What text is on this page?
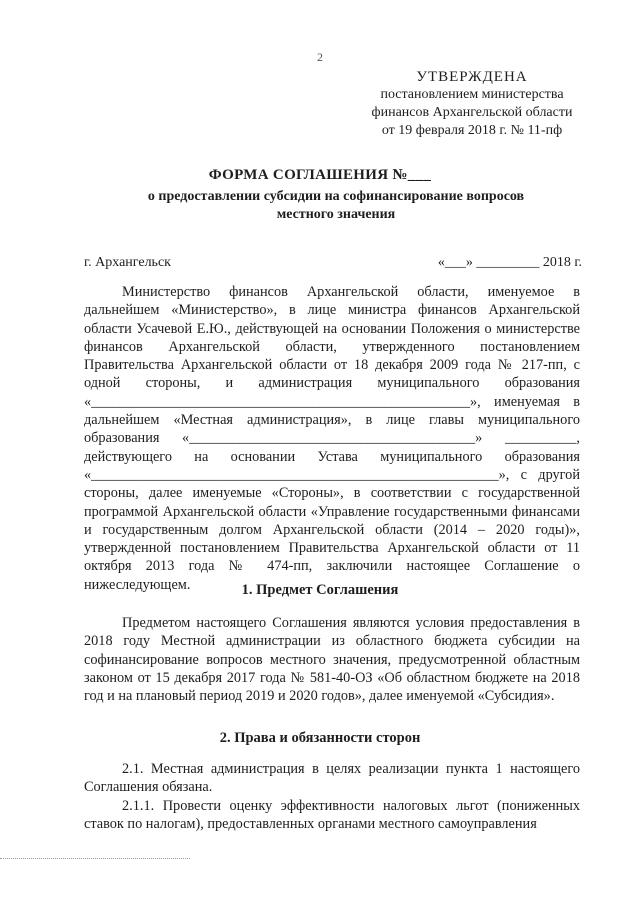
2
УТВЕРЖДЕНА
постановлением министерства
финансов Архангельской области
от 19 февраля 2018 г. № 11-пф
ФОРМА СОГЛАШЕНИЯ №___
о предоставлении субсидии на софинансирование вопросов местного значения
г. Архангельск	«___» _________ 2018 г.

Министерство финансов Архангельской области, именуемое в дальнейшем «Министерство», в лице министра финансов Архангельской области Усачевой Е.Ю., действующей на основании Положения о министерстве финансов Архангельской области, утвержденного постановлением Правительства Архангельской области от 18 декабря 2009 года № 217-пп, с одной стороны, и администрация муниципального образования «_____________________________________________________», именуемая в дальнейшем «Местная администрация», в лице главы муниципального образования «________________________________________» __________, действующего на основании Устава муниципального образования «_________________________________________________________», с другой стороны, далее именуемые «Стороны», в соответствии с государственной программой Архангельской области «Управление государственными финансами и государственным долгом Архангельской области (2014 – 2020 годы)», утвержденной постановлением Правительства Архангельской области от 11 октября 2013 года № 474-пп, заключили настоящее Соглашение о нижеследующем.	1. Предмет Соглашения

Предметом настоящего Соглашения являются условия предоставления в 2018 году Местной администрации из областного бюджета субсидии на софинансирование вопросов местного значения, предусмотренной областным законом от 15 декабря 2017 года № 581-40-ОЗ «Об областном бюджете на 2018 год и на плановый период 2019 и 2020 годов», далее именуемой «Субсидия».

2. Права и обязанности сторон

2.1. Местная администрация в целях реализации пункта 1 настоящего Соглашения обязана.

2.1.1. Провести оценку эффективности налоговых льгот (пониженных ставок по налогам), предоставленных органами местного самоуправления
